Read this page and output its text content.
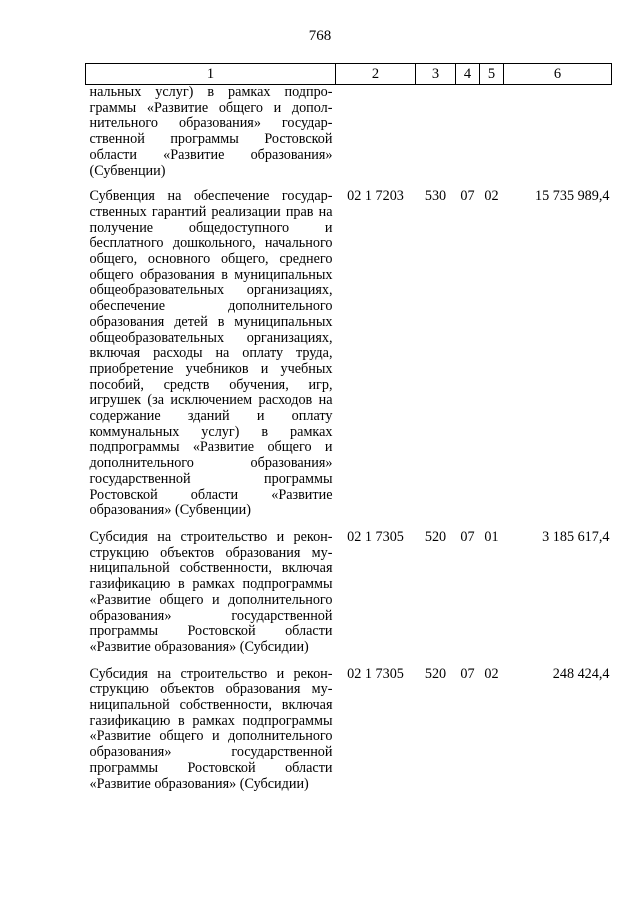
768
1	2	3	4	5	6
нальных услуг) в рамках подпрограммы «Развитие общего и дополнительного образования» государственной программы Ростовской области «Развитие образования» (Субвенции)					
Субвенция на обеспечение государственных гарантий реализации прав на получение общедоступного и бесплатного дошкольного, начального общего, основного общего, среднего общего образования в муниципальных общеобразовательных организациях, обеспечение дополнительного образования детей в муниципальных общеобразовательных организациях, включая расходы на оплату труда, приобретение учебников и учебных пособий, средств обучения, игр, игрушек (за исключением расходов на содержание зданий и оплату коммунальных услуг) в рамках подпрограммы «Развитие общего и дополнительного образования» государственной программы Ростовской области «Развитие образования» (Субвенции)	02 1 7203	530	07	02	15 735 989,4
Субсидия на строительство и реконструкцию объектов образования муниципальной собственности, включая газификацию в рамках подпрограммы «Развитие общего и дополнительного образования» государственной программы Ростовской области «Развитие образования» (Субсидии)	02 1 7305	520	07	01	3 185 617,4
Субсидия на строительство и реконструкцию объектов образования муниципальной собственности, включая газификацию в рамках подпрограммы «Развитие общего и дополнительного образования» государственной программы Ростовской области «Развитие образования» (Субсидии)	02 1 7305	520	07	02	248 424,4
